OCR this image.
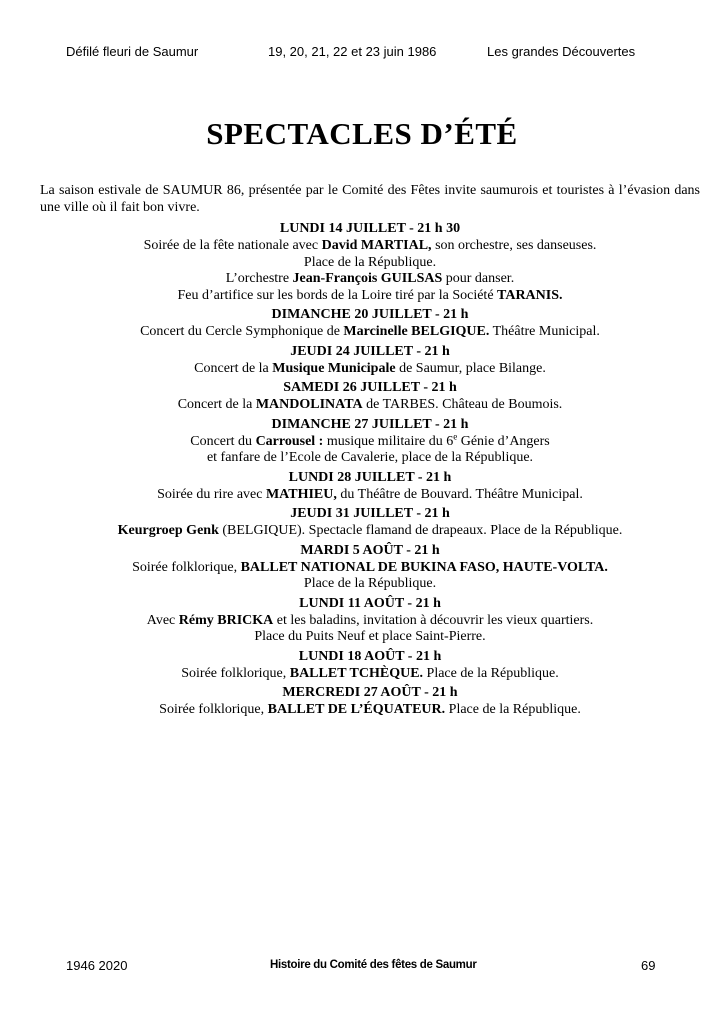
Défilé fleuri de Saumur	19, 20, 21, 22 et 23 juin 1986	Les grandes Découvertes
SPECTACLES D’ÉTÉ
La saison estivale de SAUMUR 86, présentée par le Comité des Fêtes invite saumurois et touristes à l’évasion dans une ville où il fait bon vivre.
LUNDI 14 JUILLET - 21 h 30
Soirée de la fête nationale avec David MARTIAL, son orchestre, ses danseuses.
Place de la République.
L’orchestre Jean-François GUILSAS pour danser.
Feu d’artifice sur les bords de la Loire tiré par la Société TARANIS.
DIMANCHE 20 JUILLET - 21 h
Concert du Cercle Symphonique de Marcinelle BELGIQUE. Théâtre Municipal.
JEUDI 24 JUILLET - 21 h
Concert de la Musique Municipale de Saumur, place Bilange.
SAMEDI 26 JUILLET - 21 h
Concert de la MANDOLINATA de TARBES. Château de Boumois.
DIMANCHE 27 JUILLET - 21 h
Concert du Carrousel : musique militaire du 6e Génie d’Angers
et fanfare de l’Ecole de Cavalerie, place de la République.
LUNDI 28 JUILLET - 21 h
Soirée du rire avec MATHIEU, du Théâtre de Bouvard. Théâtre Municipal.
JEUDI 31 JUILLET - 21 h
Keurgroep Genk (BELGIQUE). Spectacle flamand de drapeaux. Place de la République.
MARDI 5 AOÛT - 21 h
Soirée folklorique, BALLET NATIONAL DE BUKINA FASO, HAUTE-VOLTA.
Place de la République.
LUNDI 11 AOÛT - 21 h
Avec Rémy BRICKA et les baladins, invitation à découvrir les vieux quartiers.
Place du Puits Neuf et place Saint-Pierre.
LUNDI 18 AOÛT - 21 h
Soirée folklorique, BALLET TCHÈQUE. Place de la République.
MERCREDI 27 AOÛT - 21 h
Soirée folklorique, BALLET DE L’ÉQUATEUR. Place de la République.
1946 2020	Histoire du Comité des fêtes de Saumur	69
